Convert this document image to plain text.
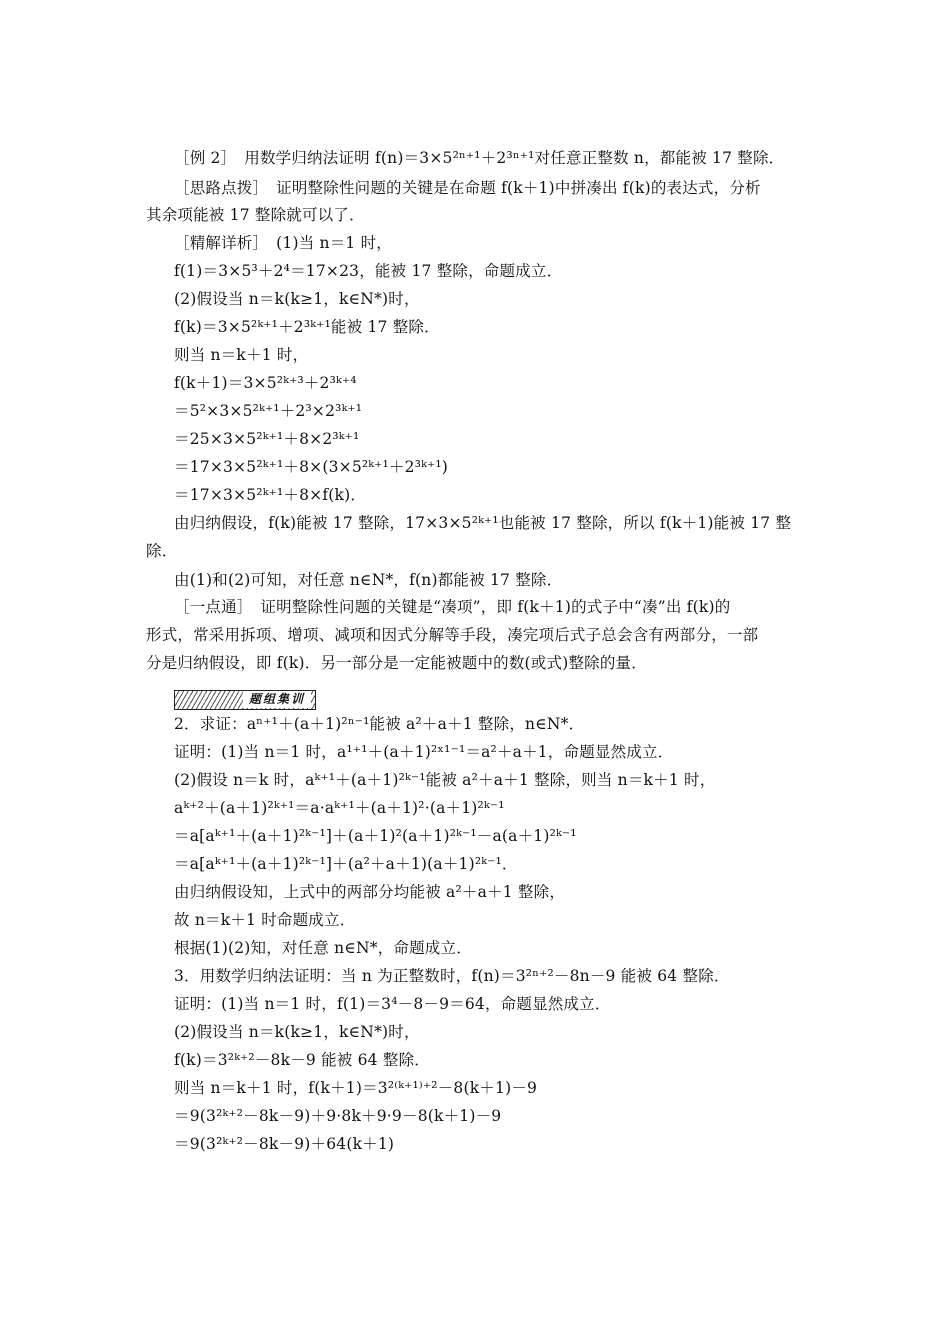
题组集训
［例 2］　用数学归纳法证明 f(n)＝3×5²ⁿ⁺¹＋2³ⁿ⁺¹对任意正整数 n，都能被 17 整除．
［思路点拨］　证明整除性问题的关键是在命题 f(k＋1)中拼凑出 f(k)的表达式，分析
其余项能被 17 整除就可以了．
［精解详析］　(1)当 n＝1 时，
f(1)＝3×5³＋2⁴＝17×23，能被 17 整除，命题成立．
(2)假设当 n＝k(k≥1，k∈N*)时，
f(k)＝3×5²ᵏ⁺¹＋2³ᵏ⁺¹能被 17 整除．
则当 n＝k＋1 时，
f(k＋1)＝3×5²ᵏ⁺³＋2³ᵏ⁺⁴
＝5²×3×5²ᵏ⁺¹＋2³×2³ᵏ⁺¹
＝25×3×5²ᵏ⁺¹＋8×2³ᵏ⁺¹
＝17×3×5²ᵏ⁺¹＋8×(3×5²ᵏ⁺¹＋2³ᵏ⁺¹)
＝17×3×5²ᵏ⁺¹＋8×f(k)．
由归纳假设，f(k)能被 17 整除，17×3×5²ᵏ⁺¹也能被 17 整除，所以 f(k＋1)能被 17 整
除．
由(1)和(2)可知，对任意 n∈N*，f(n)都能被 17 整除．
［一点通］　证明整除性问题的关键是“凑项”，即 f(k＋1)的式子中“凑”出 f(k)的
形式，常采用拆项、增项、减项和因式分解等手段，凑完项后式子总会含有两部分，一部
分是归纳假设，即 f(k)．另一部分是一定能被题中的数(或式)整除的量．
2．求证：aⁿ⁺¹＋(a＋1)²ⁿ⁻¹能被 a²＋a＋1 整除，n∈N*．
证明：(1)当 n＝1 时，a¹⁺¹＋(a＋1)²ˣ¹⁻¹＝a²＋a＋1，命题显然成立．
(2)假设 n＝k 时，aᵏ⁺¹＋(a＋1)²ᵏ⁻¹能被 a²＋a＋1 整除，则当 n＝k＋1 时，
aᵏ⁺²＋(a＋1)²ᵏ⁺¹＝a·aᵏ⁺¹＋(a＋1)²·(a＋1)²ᵏ⁻¹
＝a[aᵏ⁺¹＋(a＋1)²ᵏ⁻¹]＋(a＋1)²(a＋1)²ᵏ⁻¹－a(a＋1)²ᵏ⁻¹
＝a[aᵏ⁺¹＋(a＋1)²ᵏ⁻¹]＋(a²＋a＋1)(a＋1)²ᵏ⁻¹．
由归纳假设知，上式中的两部分均能被 a²＋a＋1 整除，
故 n＝k＋1 时命题成立．
根据(1)(2)知，对任意 n∈N*，命题成立．
3．用数学归纳法证明：当 n 为正整数时，f(n)＝3²ⁿ⁺²－8n－9 能被 64 整除．
证明：(1)当 n＝1 时，f(1)＝3⁴－8－9＝64，命题显然成立．
(2)假设当 n＝k(k≥1，k∈N*)时，
f(k)＝3²ᵏ⁺²－8k－9 能被 64 整除．
则当 n＝k＋1 时，f(k＋1)＝3²⁽ᵏ⁺¹⁾⁺²－8(k＋1)－9
＝9(3²ᵏ⁺²－8k－9)＋9·8k＋9·9－8(k＋1)－9
＝9(3²ᵏ⁺²－8k－9)＋64(k＋1)
